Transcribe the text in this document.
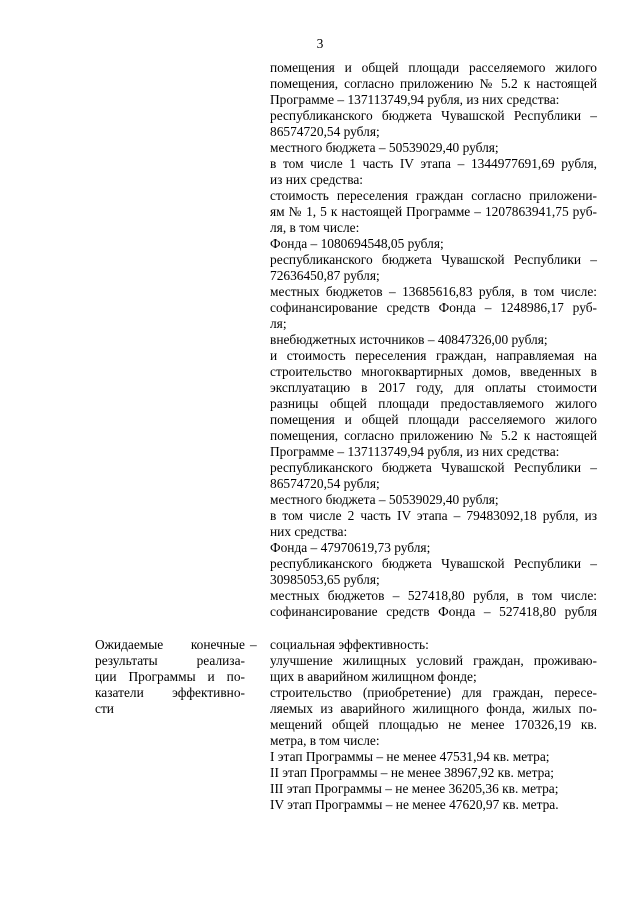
3
помещения и общей площади расселяемого жилого
помещения, согласно приложению № 5.2 к настоящей
Программе – 137113749,94 рубля, из них средства:
республиканского бюджета Чувашской Республики –
86574720,54 рубля;
местного бюджета – 50539029,40 рубля;
в том числе 1 часть IV этапа – 1344977691,69 рубля,
из них средства:
стоимость переселения граждан согласно приложени-
ям № 1, 5 к настоящей Программе – 1207863941,75 руб-
ля, в том числе:
Фонда – 1080694548,05 рубля;
республиканского бюджета Чувашской Республики –
72636450,87 рубля;
местных бюджетов – 13685616,83 рубля, в том числе:
софинансирование средств Фонда – 1248986,17 руб-
ля;
внебюджетных источников – 40847326,00 рубля;
и стоимость переселения граждан, направляемая на
строительство многоквартирных домов, введенных в
эксплуатацию в 2017 году, для оплаты стоимости
разницы общей площади предоставляемого жилого
помещения и общей площади расселяемого жилого
помещения, согласно приложению № 5.2 к настоящей
Программе – 137113749,94 рубля, из них средства:
республиканского бюджета Чувашской Республики –
86574720,54 рубля;
местного бюджета – 50539029,40 рубля;
в том числе 2 часть IV этапа – 79483092,18 рубля, из
них средства:
Фонда – 47970619,73 рубля;
республиканского бюджета Чувашской Республики –
30985053,65 рубля;
местных бюджетов – 527418,80 рубля, в том числе:
софинансирование средств Фонда – 527418,80 рубля
Ожидаемые конечные
результаты реализа-
ции Программы и по-
казатели эффективно-
сти
– социальная эффективность:
улучшение жилищных условий граждан, проживаю-
щих в аварийном жилищном фонде;
строительство (приобретение) для граждан, пересе-
ляемых из аварийного жилищного фонда, жилых по-
мещений общей площадью не менее 170326,19 кв.
метра, в том числе:
I этап Программы – не менее 47531,94 кв. метра;
II этап Программы – не менее 38967,92 кв. метра;
III этап Программы – не менее 36205,36 кв. метра;
IV этап Программы – не менее 47620,97 кв. метра.
